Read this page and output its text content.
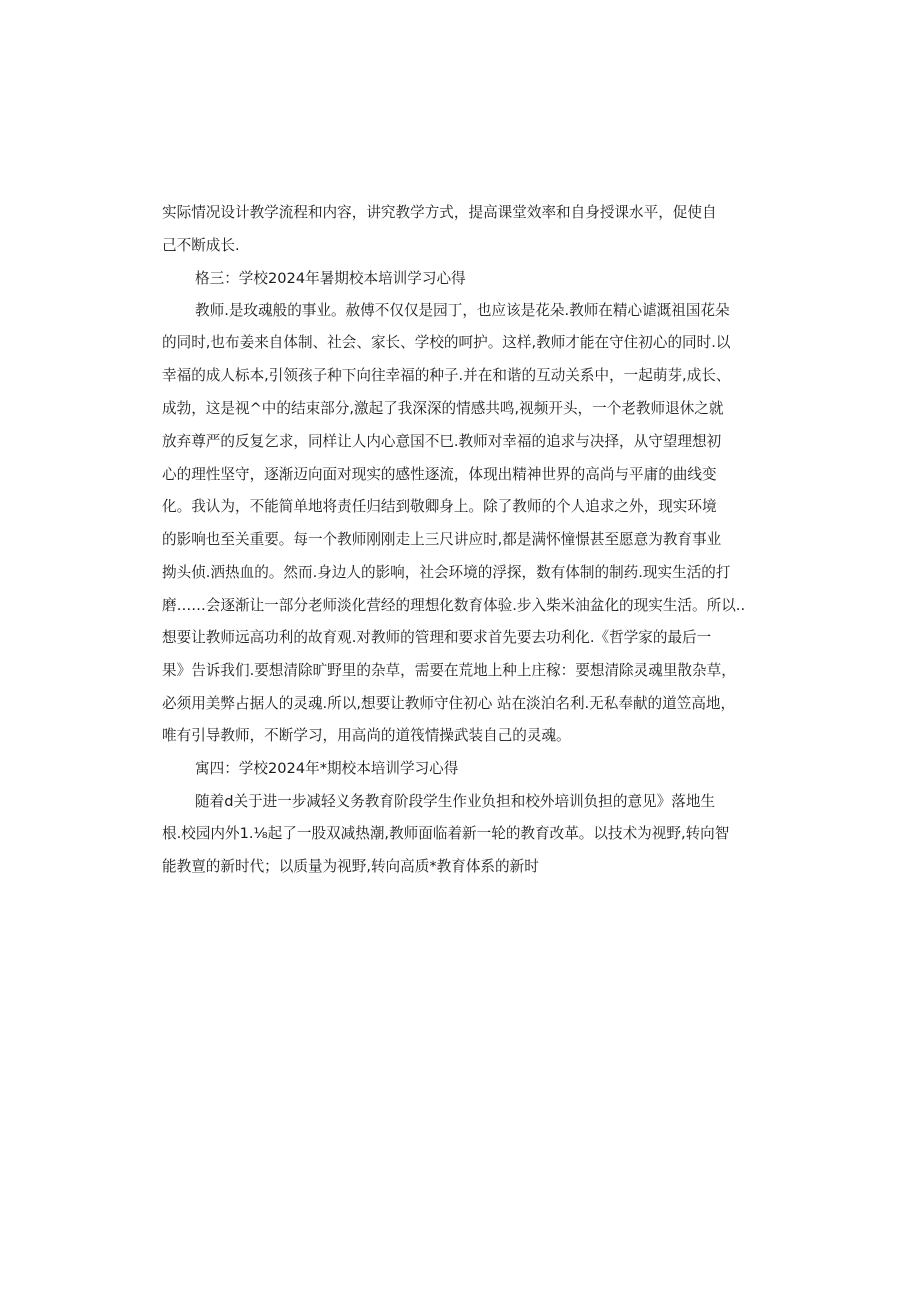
实际情况设计教学流程和内容，讲究教学方式，提高课堂效率和自身授课水平，促使自
己不断成长.
格三：学校2024年暑期校本培训学习心得
教师.是玫魂般的事业。赦傅不仅仅是园丁，也应该是花朵.教师在精心谑溉祖国花朵
的同时,也布姜来自体制、社会、家长、学校的呵护。这样,教师才能在守住初心的同时.以
幸福的成人标本,引领孩子种下向往幸福的种子.并在和谐的互动关系中，一起萌芽,成长、
成勃，这是视^中的结束部分,激起了我深深的情感共鸣,视频开头，一个老教师退休之就
放弃尊严的反复乞求，同样让人内心意国不巳.教师对幸福的追求与决择，从守望理想初
心的理性坚守，逐渐迈向面对现实的感性逐流，体现出精神世界的高尚与平庸的曲线变
化。我认为，不能简单地将责任归结到敬卿身上。除了教师的个人追求之外，现实环境
的影响也至关重要。每一个教师刚刚走上三尺讲应时,都是满怀憧憬甚至愿意为教育事业
拗头侦.洒热血的。然而.身边人的影响，社会环境的浮探，数有体制的制药.现实生活的打
磨……会逐渐让一部分老师淡化营经的理想化数育体验.步入柴米油盆化的现实生活。所以..
想要让教师远高功利的故育观.对教师的管理和要求首先要去功利化.《哲学家的最后一
果》告诉我们.要想清除旷野里的杂草，需要在荒地上种上庄稼：要想清除灵魂里散杂草，
必须用美弊占据人的灵魂.所以,想要让教师守住初心 站在淡泊名利.无私奉献的道笠高地，
唯有引导教师，不断学习，用高尚的道筏情操武装自己的灵魂。
寓四：学校2024年*期校本培训学习心得
随着d关于进一步减轻义务教育阶段学生作业负担和校外培训负担的意见》落地生
根.校园内外1.⅛起了一股双减热潮,教师面临着新一轮的教育改革。以技术为视野,转向智
能教亶的新时代；以质量为视野,转向高质*教育体系的新时
